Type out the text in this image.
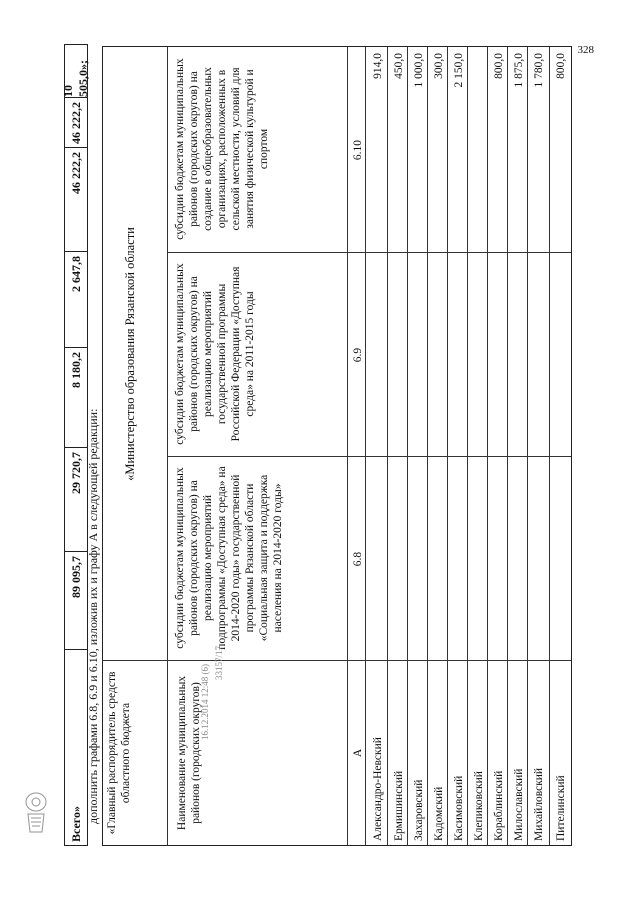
328
Всего»
89 095,7
29 720,7
8 180,2
2 647,8
46 222,2
46 222,2
10 505,0»;
дополнить графами 6.8, 6.9 и 6.10, изложив их и графу А в следующей редакции: «Главный распорядитель средств областного бюджета
«Министерство образования Рязанской области
Наименование муниципальных районов (городских округов)
субсидии бюджетам муниципальных районов (городских округов) на реализацию мероприятий подпрограммы «Доступная среда» на 2014-2020 годы» государственной программы Рязанской области «Социальная защита и поддержка населения на 2014-2020 годы»
субсидии бюджетам муниципальных районов (городских округов) на реализацию мероприятий государственной программы Российской Федерации «Доступная среда» на 2011-2015 годы
субсидии бюджетам муниципальных районов (городских округов) на создание в общеобразовательных организациях, расположенных в сельской местности, условий для занятия физической культурой и спортом
А
6.8
6.9
6.10
Александро-Невский
914,0
Ермишинский
450,0
Захаровский
1 000,0
Кадомский
300,0
Касимовский
2 150,0
Клепиковский Кораблинский
800,0
Милославский
1 875,0
Михайловский
1 780,0
Пителинский
800,0
16.12.2014 12:48 (6)
33157/17
